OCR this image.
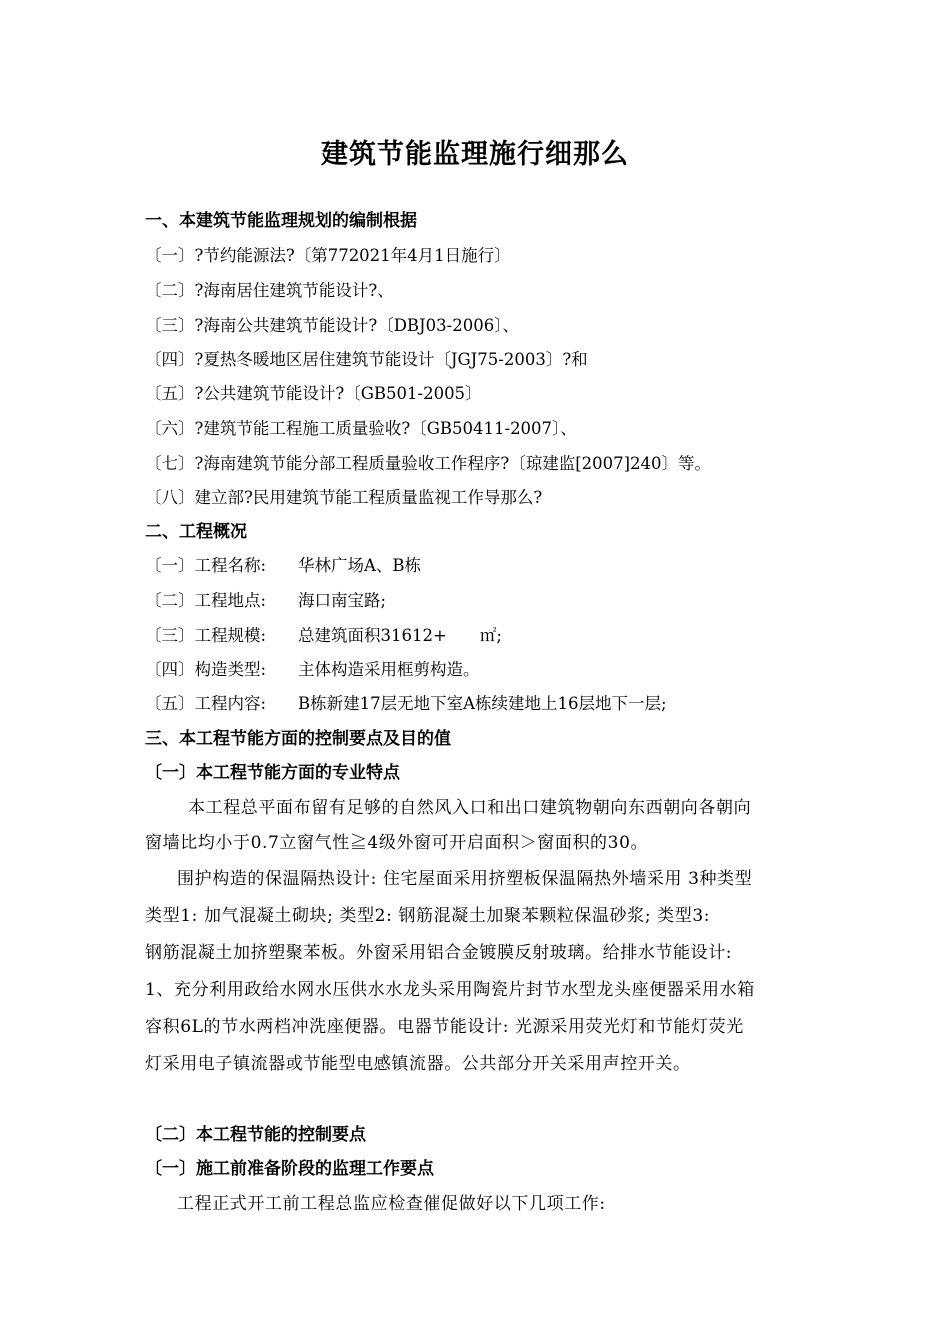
建筑节能监理施行细那么
一、本建筑节能监理规划的编制根据
〔一〕?节约能源法?〔第772021年4月1日施行〕
〔二〕?海南居住建筑节能设计?、
〔三〕?海南公共建筑节能设计?〔DBJ03-2006〕、
〔四〕?夏热冬暖地区居住建筑节能设计〔JGJ75-2003〕?和
〔五〕?公共建筑节能设计?〔GB501-2005〕
〔六〕?建筑节能工程施工质量验收?〔GB50411-2007〕、
〔七〕?海南建筑节能分部工程质量验收工作程序?〔琼建监[2007]240〕等。
〔八〕建立部?民用建筑节能工程质量监视工作导那么?
二、工程概况
〔一〕工程名称: 华林广场A、B栋
〔二〕工程地点: 海口南宝路;
〔三〕工程规模: 总建筑面积31612+　　㎡;
〔四〕构造类型: 主体构造采用框剪构造。
〔五〕工程内容: B栋新建17层无地下室A栋续建地上16层地下一层;
三、本工程节能方面的控制要点及目的值
〔一〕本工程节能方面的专业特点
本工程总平面布留有足够的自然风入口和出口建筑物朝向东西朝向各朝向
窗墙比均小于0.7立窗气性≧4级外窗可开启面积＞窗面积的30。
围护构造的保温隔热设计: 住宅屋面采用挤塑板保温隔热外墙采用 3种类型
类型1: 加气混凝土砌块; 类型2: 钢筋混凝土加聚苯颗粒保温砂浆; 类型3:
钢筋混凝土加挤塑聚苯板。外窗采用铝合金镀膜反射玻璃。给排水节能设计:
1、充分利用政给水网水压供水水龙头采用陶瓷片封节水型龙头座便器采用水箱
容积6L的节水两档冲洗座便器。电器节能设计: 光源采用荧光灯和节能灯荧光
灯采用电子镇流器或节能型电感镇流器。公共部分开关采用声控开关。
〔二〕本工程节能的控制要点
〔一〕施工前准备阶段的监理工作要点
工程正式开工前工程总监应检查催促做好以下几项工作:
